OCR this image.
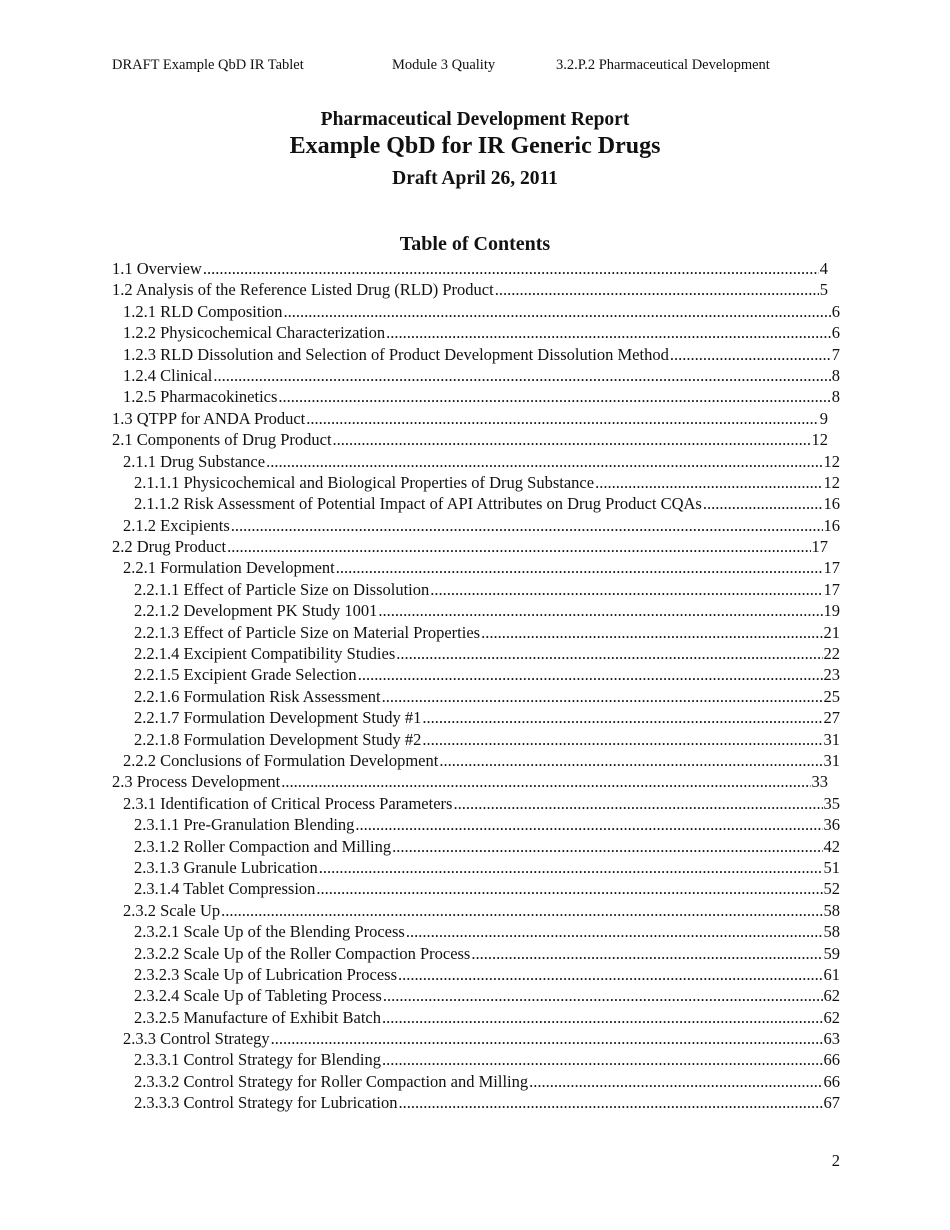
DRAFT Example QbD IR Tablet	Module 3 Quality	3.2.P.2 Pharmaceutical Development
Pharmaceutical Development Report
Example QbD for IR Generic Drugs
Draft April 26, 2011
Table of Contents
1.1 Overview .....	4
1.2 Analysis of the Reference Listed Drug (RLD) Product .....	5
1.2.1 RLD Composition .....	6
1.2.2 Physicochemical Characterization .....	6
1.2.3 RLD Dissolution and Selection of Product Development Dissolution Method .....	7
1.2.4 Clinical .....	8
1.2.5 Pharmacokinetics .....	8
1.3 QTPP for ANDA Product .....	9
2.1 Components of Drug Product .....	12
2.1.1 Drug Substance .....	12
2.1.1.1 Physicochemical and Biological Properties of Drug Substance .....	12
2.1.1.2 Risk Assessment of Potential Impact of API Attributes on Drug Product CQAs .....	16
2.1.2 Excipients .....	16
2.2 Drug Product .....	17
2.2.1 Formulation Development .....	17
2.2.1.1 Effect of Particle Size on Dissolution .....	17
2.2.1.2 Development PK Study 1001 .....	19
2.2.1.3 Effect of Particle Size on Material Properties .....	21
2.2.1.4 Excipient Compatibility Studies .....	22
2.2.1.5 Excipient Grade Selection .....	23
2.2.1.6 Formulation Risk Assessment .....	25
2.2.1.7 Formulation Development Study #1 .....	27
2.2.1.8 Formulation Development Study #2 .....	31
2.2.2 Conclusions of Formulation Development .....	31
2.3 Process Development .....	33
2.3.1 Identification of Critical Process Parameters .....	35
2.3.1.1 Pre-Granulation Blending .....	36
2.3.1.2 Roller Compaction and Milling .....	42
2.3.1.3 Granule Lubrication .....	51
2.3.1.4 Tablet Compression .....	52
2.3.2 Scale Up .....	58
2.3.2.1 Scale Up of the Blending Process .....	58
2.3.2.2 Scale Up of the Roller Compaction Process .....	59
2.3.2.3 Scale Up of Lubrication Process .....	61
2.3.2.4 Scale Up of Tableting Process .....	62
2.3.2.5 Manufacture of Exhibit Batch .....	62
2.3.3 Control Strategy .....	63
2.3.3.1 Control Strategy for Blending .....	66
2.3.3.2 Control Strategy for Roller Compaction and Milling .....	66
2.3.3.3 Control Strategy for Lubrication .....	67
2
